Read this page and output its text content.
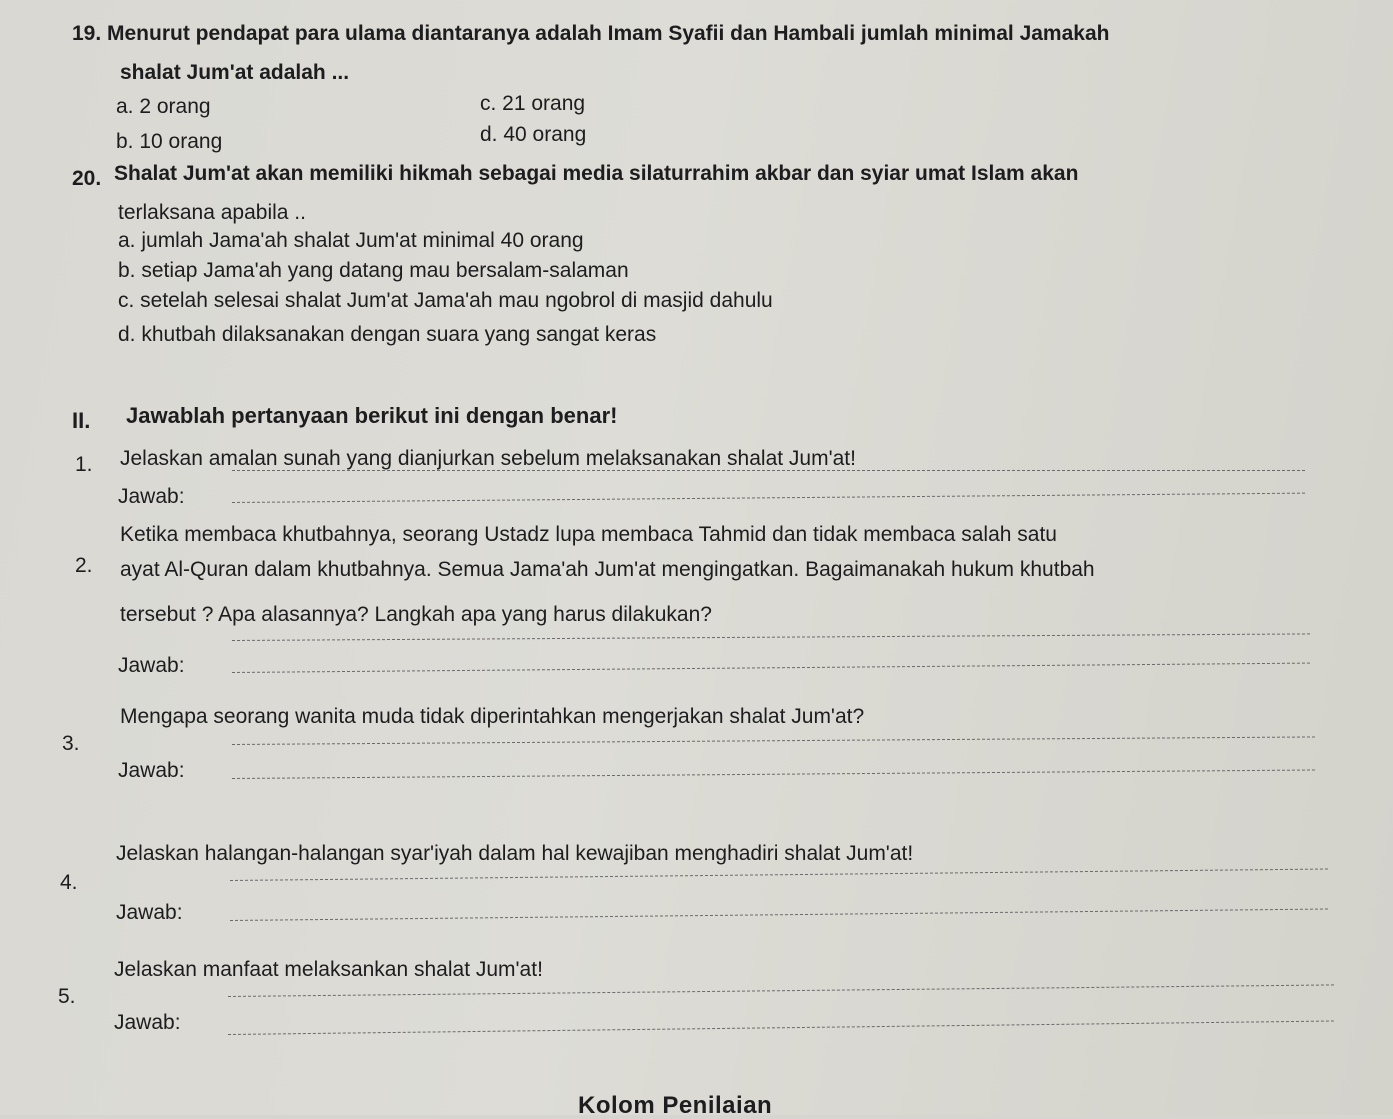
19. Menurut pendapat para ulama diantaranya adalah Imam Syafii dan Hambali jumlah minimal Jamakah
shalat Jum'at adalah ...
a. 2 orang	c. 21 orang
b. 10 orang	d. 40 orang
20. Shalat Jum'at akan memiliki hikmah sebagai media silaturrahim akbar dan syiar umat Islam akan
terlaksana apabila ..
a. jumlah Jama'ah shalat Jum'at minimal 40 orang
b. setiap Jama'ah yang datang mau bersalam-salaman
c. setelah selesai shalat Jum'at Jama'ah mau ngobrol di masjid dahulu
d. khutbah dilaksanakan dengan suara yang sangat keras
II. Jawablah pertanyaan berikut ini dengan benar!
1. Jelaskan amalan sunah yang dianjurkan sebelum melaksanakan shalat Jum'at!
Jawab:
2.
Ketika membaca khutbahnya, seorang Ustadz lupa membaca Tahmid dan tidak membaca salah satu
ayat Al-Quran dalam khutbahnya. Semua Jama'ah Jum'at mengingatkan. Bagaimanakah hukum khutbah
tersebut ? Apa alasannya? Langkah apa yang harus dilakukan?
Jawab:
3.
Mengapa seorang wanita muda tidak diperintahkan mengerjakan shalat Jum'at?
Jawab:
4.
Jelaskan halangan-halangan syar'iyah dalam hal kewajiban menghadiri shalat Jum'at!
Jawab:
5.
Jelaskan manfaat melaksankan shalat Jum'at!
Jawab:
Kolom Penilaian
